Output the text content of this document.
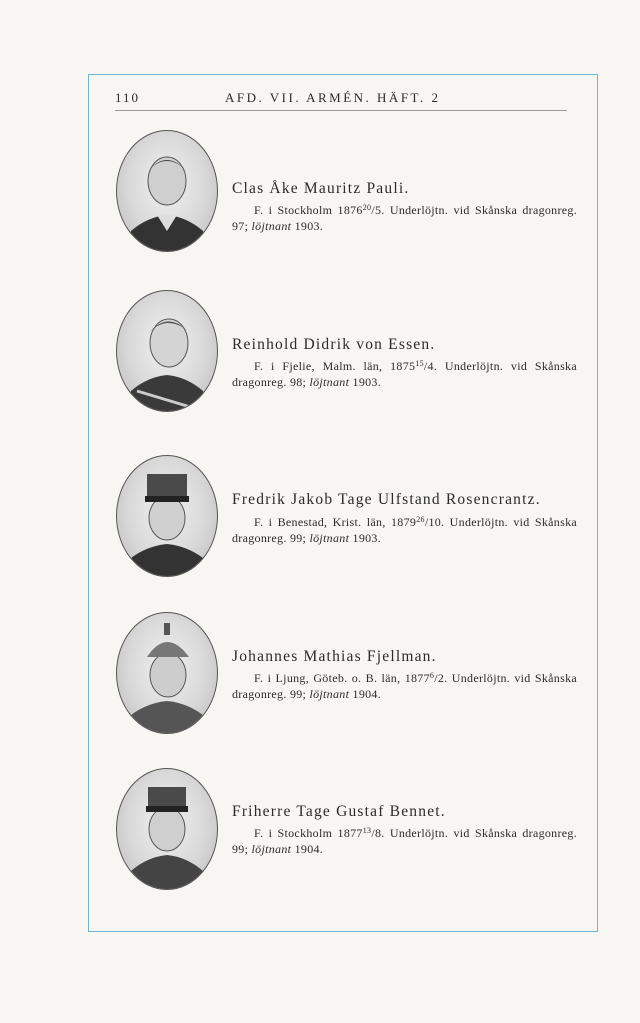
110	AFD. VII. ARMÉN. HÄFT. 2
Clas Åke Mauritz Pauli.
F. i Stockholm 1876$^{20}$/5. Underlöjtn. vid Skånska dragonreg. 97; löjtnant 1903.
Reinhold Didrik von Essen.
F. i Fjelie, Malm. län, 1875$^{15}$/4. Underlöjtn. vid Skånska dragonreg. 98; löjtnant 1903.
Fredrik Jakob Tage Ulfstand Rosencrantz.
F. i Benestad, Krist. län, 1879$^{26}$/10. Underlöjtn. vid Skånska dragonreg. 99; löjtnant 1903.
Johannes Mathias Fjellman.
F. i Ljung, Göteb. o. B. län, 1877$^6$/2. Underlöjtn. vid Skånska dragonreg. 99; löjtnant 1904.
Friherre Tage Gustaf Bennet.
F. i Stockholm 1877$^{13}$/8. Underlöjtn. vid Skånska dragonreg. 99; löjtnant 1904.
